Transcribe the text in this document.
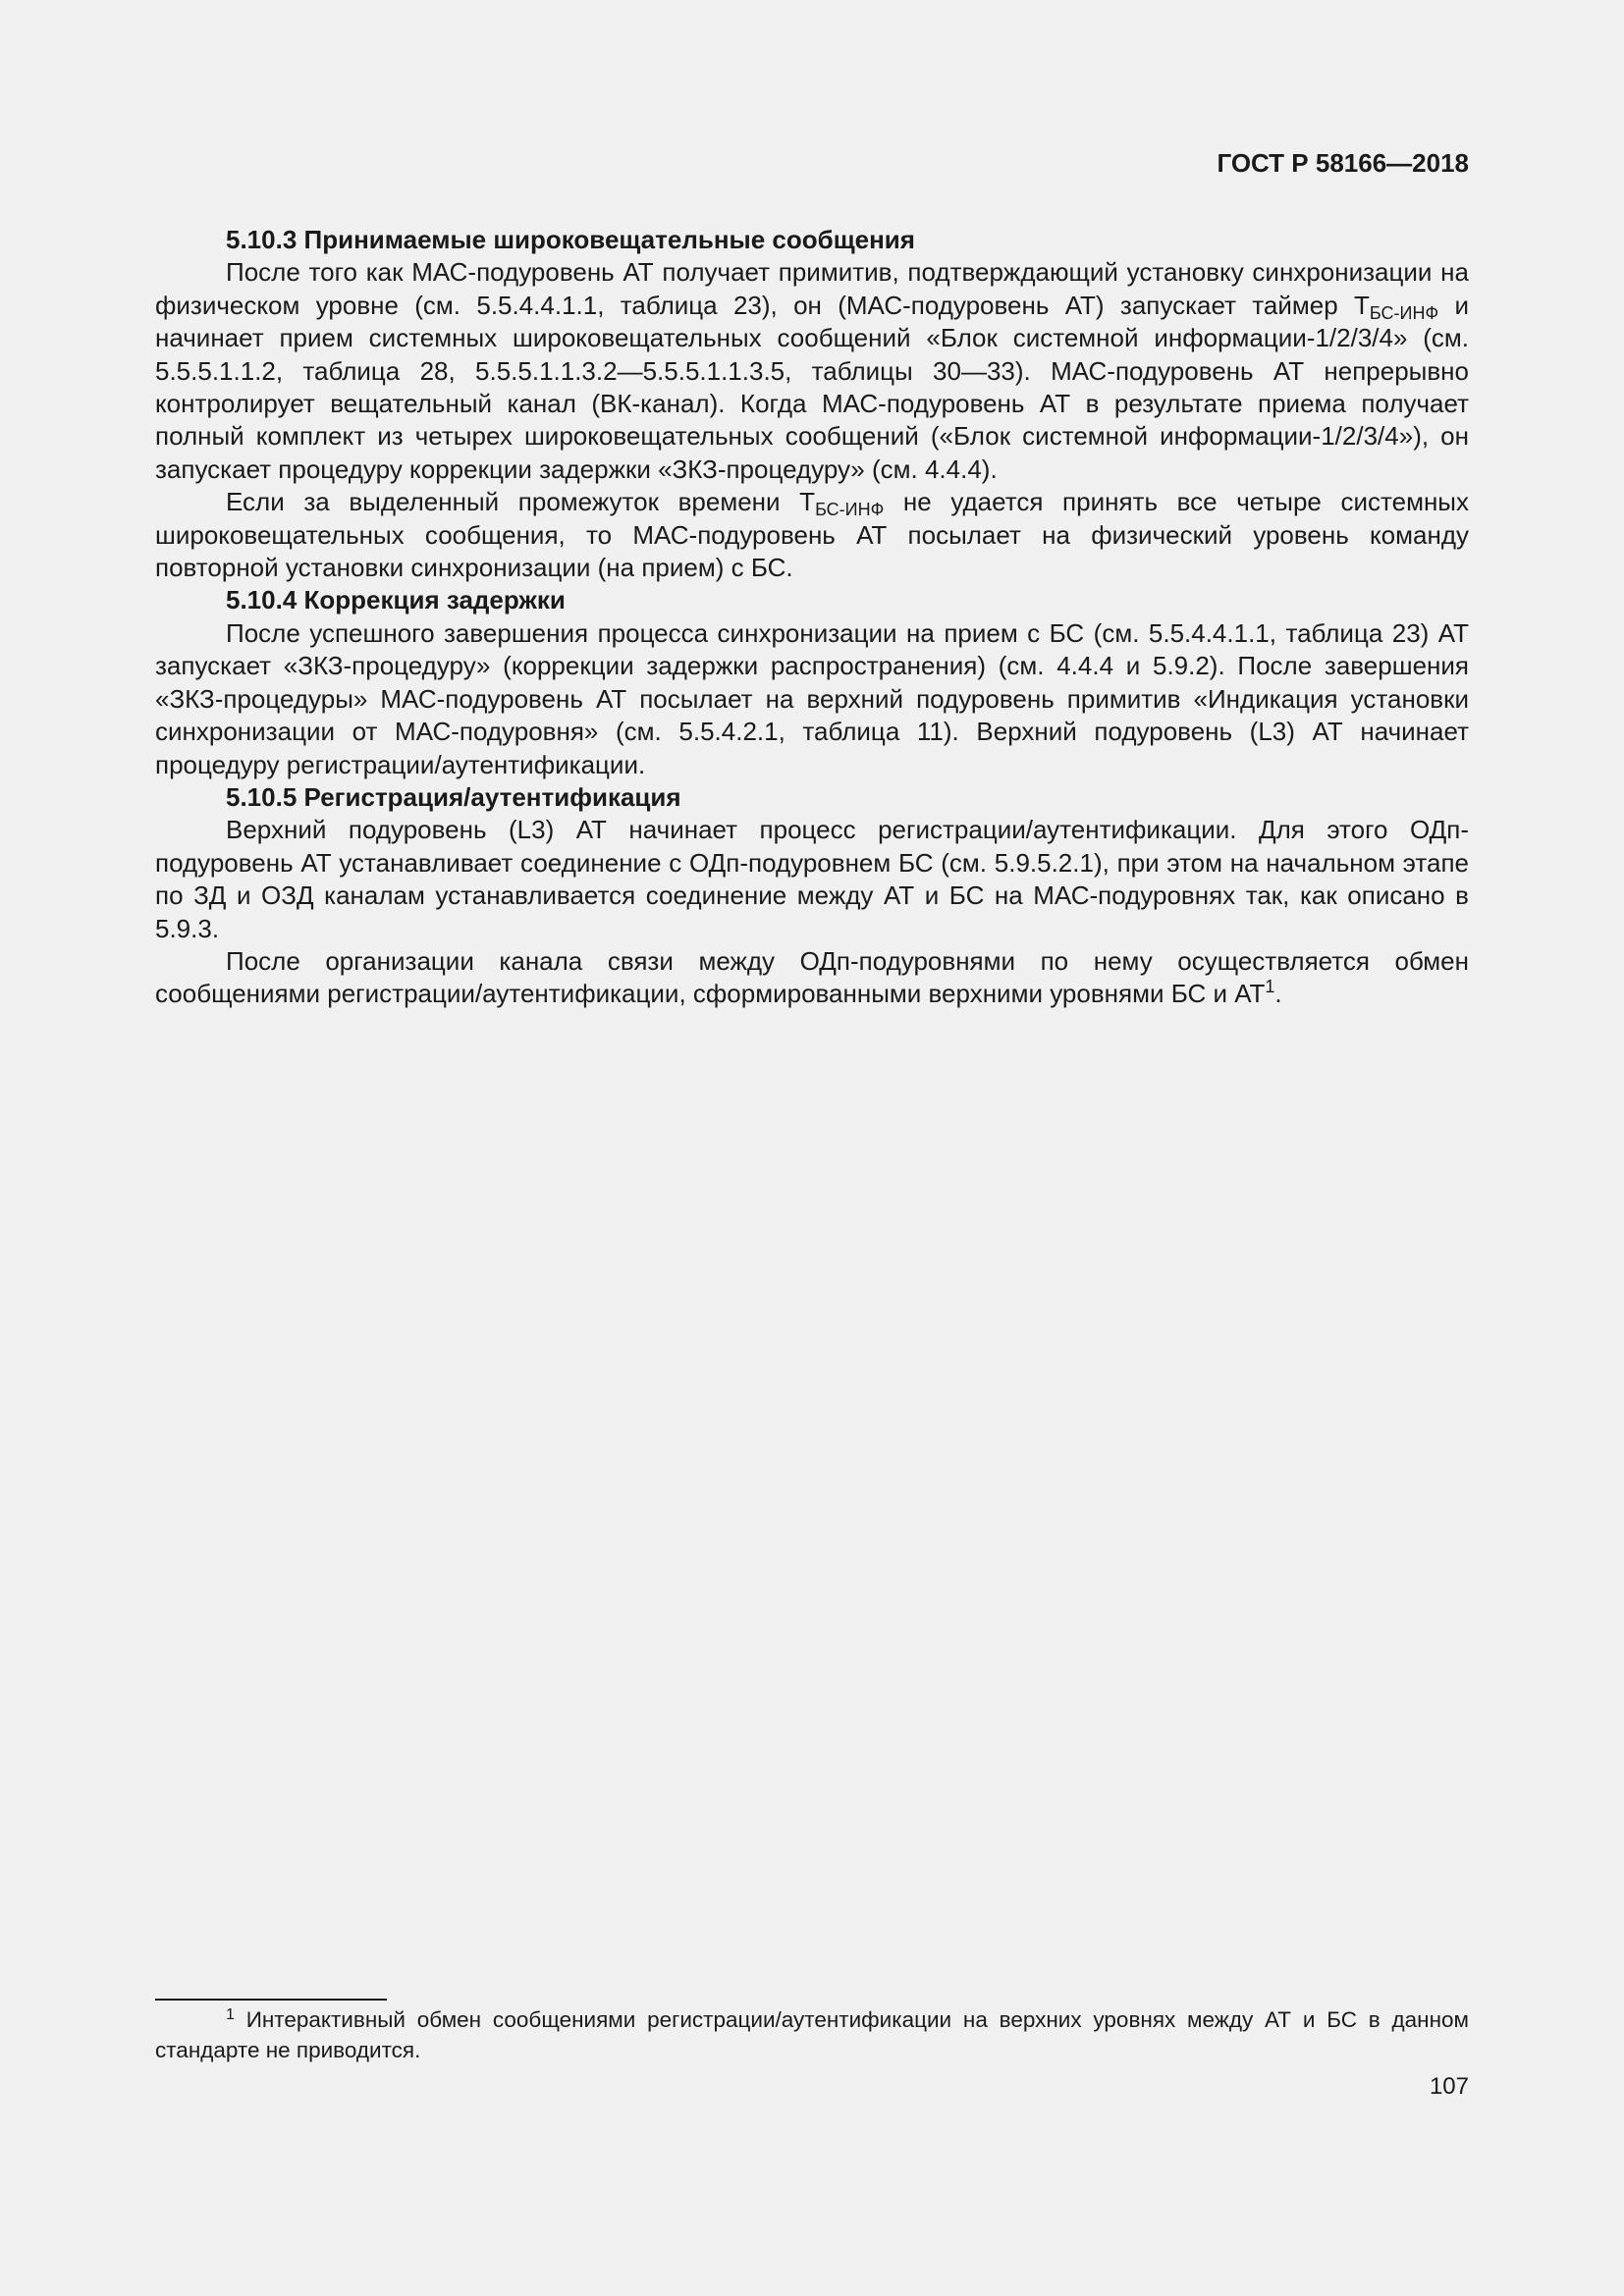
ГОСТ Р 58166—2018
5.10.3 Принимаемые широковещательные сообщения

После того как МАС-подуровень АТ получает примитив, подтверждающий установку синхронизации на физическом уровне (см. 5.5.4.4.1.1, таблица 23), он (МАС-подуровень АТ) запускает таймер $Т_{БС-ИНФ}$ и начинает прием системных широковещательных сообщений «Блок системной информации-1/2/3/4» (см. 5.5.5.1.1.2, таблица 28, 5.5.5.1.1.3.2—5.5.5.1.1.3.5, таблицы 30—33). МАС-подуровень АТ непрерывно контролирует вещательный канал (ВК-канал). Когда МАС-подуровень АТ в результате приема получает полный комплект из четырех широковещательных сообщений («Блок системной информации-1/2/3/4»), он запускает процедуру коррекции задержки «ЗКЗ-процедуру» (см. 4.4.4).

Если за выделенный промежуток времени $Т_{БС-ИНФ}$ не удается принять все четыре системных широковещательных сообщения, то МАС-подуровень АТ посылает на физический уровень команду повторной установки синхронизации (на прием) с БС.

5.10.4 Коррекция задержки

После успешного завершения процесса синхронизации на прием с БС (см. 5.5.4.4.1.1, таблица 23) АТ запускает «ЗКЗ-процедуру» (коррекции задержки распространения) (см. 4.4.4 и 5.9.2). После завершения «ЗКЗ-процедуры» МАС-подуровень АТ посылает на верхний подуровень примитив «Индикация установки синхронизации от МАС-подуровня» (см. 5.5.4.2.1, таблица 11). Верхний подуровень (L3) АТ начинает процедуру регистрации/аутентификации.

5.10.5 Регистрация/аутентификация

Верхний подуровень (L3) АТ начинает процесс регистрации/аутентификации. Для этого ОДп-подуровень АТ устанавливает соединение с ОДп-подуровнем БС (см. 5.9.5.2.1), при этом на начальном этапе по ЗД и ОЗД каналам устанавливается соединение между АТ и БС на МАС-подуровнях так, как описано в 5.9.3.

После организации канала связи между ОДп-подуровнями по нему осуществляется обмен сообщениями регистрации/аутентификации, сформированными верхними уровнями БС и $АТ^1$.

$^1$ Интерактивный обмен сообщениями регистрации/аутентификации на верхних уровнях между АТ и БС в данном стандарте не приводится.

107
